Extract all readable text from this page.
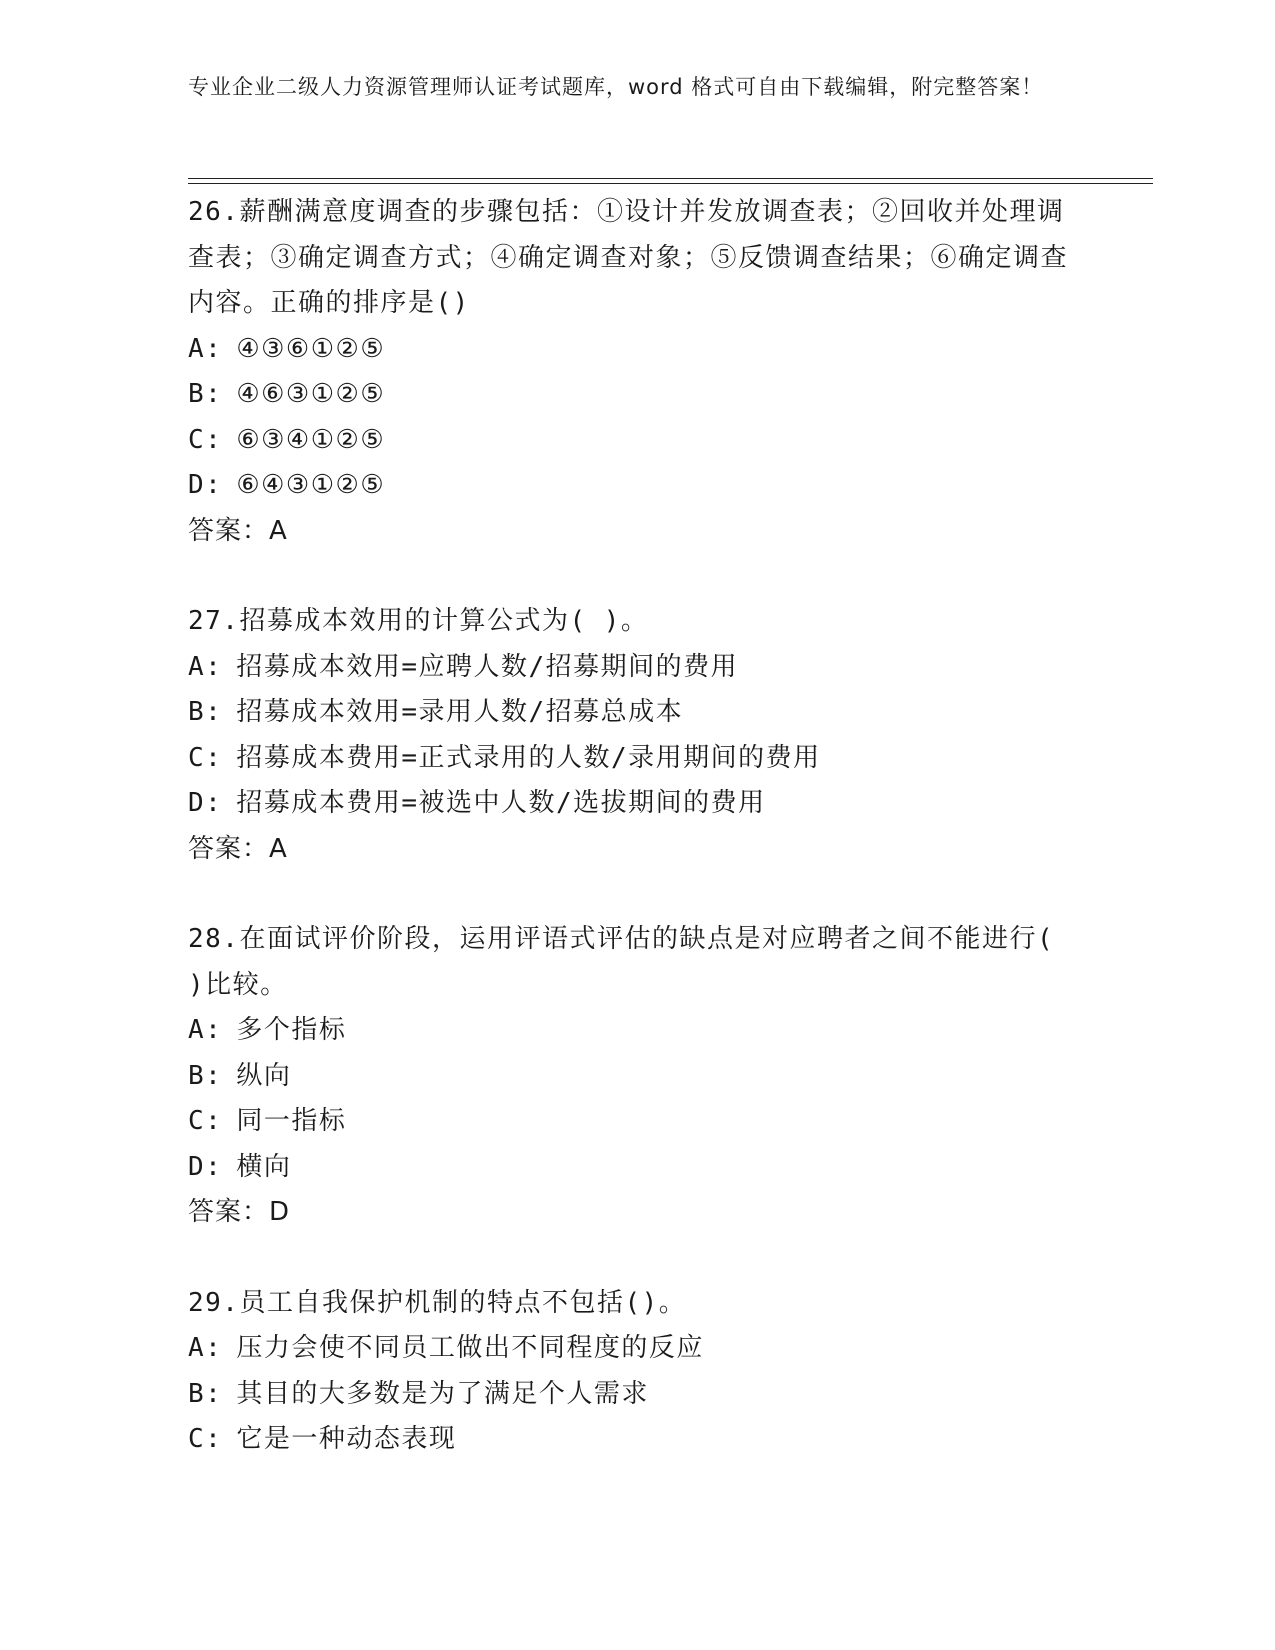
专业企业二级人力资源管理师认证考试题库，word 格式可自由下载编辑，附完整答案！

26.薪酬满意度调查的步骤包括：①设计并发放调查表；②回收并处理调查表；③确定调查方式；④确定调查对象；⑤反馈调查结果；⑥确定调查内容。正确的排序是()

A: ④③⑥①②⑤
B: ④⑥③①②⑤
C: ⑥③④①②⑤
D: ⑥④③①②⑤
答案：A

27.招募成本效用的计算公式为( )。

A: 招募成本效用=应聘人数/招募期间的费用
B: 招募成本效用=录用人数/招募总成本
C: 招募成本费用=正式录用的人数/录用期间的费用
D: 招募成本费用=被选中人数/选拔期间的费用
答案：A

28.在面试评价阶段，运用评语式评估的缺点是对应聘者之间不能进行( )比较。

A: 多个指标
B: 纵向
C: 同一指标
D: 横向
答案：D

29.员工自我保护机制的特点不包括()。

A: 压力会使不同员工做出不同程度的反应
B: 其目的大多数是为了满足个人需求
C: 它是一种动态表现
